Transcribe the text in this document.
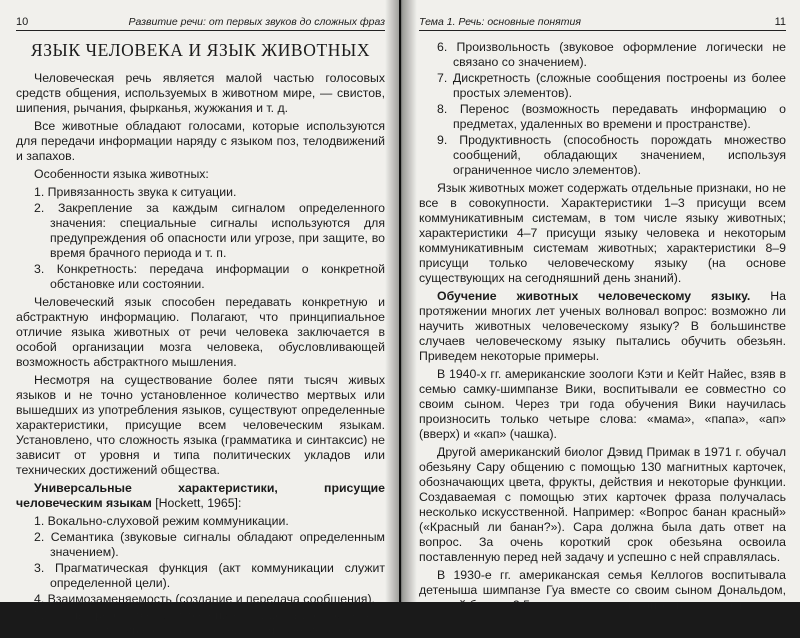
10	Развитие речи: от первых звуков до сложных фраз
ЯЗЫК ЧЕЛОВЕКА И ЯЗЫК ЖИВОТНЫХ

Человеческая речь является малой частью голосовых средств общения, используемых в животном мире, — свистов, шипения, рычания, фырканья, жужжания и т. д.

Все животные обладают голосами, которые используются для передачи информации наряду с языком поз, телодвижений и запахов.

Особенности языка животных:

1. Привязанность звука к ситуации.
2. Закрепление за каждым сигналом определенного значения: специальные сигналы используются для предупреждения об опасности или угрозе, при защите, во время брачного периода и т. п.
3. Конкретность: передача информации о конкретной обстановке или состоянии.

Человеческий язык способен передавать конкретную и абстрактную информацию. Полагают, что принципиальное отличие языка животных от речи человека заключается в особой организации мозга человека, обусловливающей возможность абстрактного мышления.

Несмотря на существование более пяти тысяч живых языков и не точно установленное количество мертвых или вышедших из употребления языков, существуют определенные характеристики, присущие всем человеческим языкам. Установлено, что сложность языка (грамматика и синтаксис) не зависит от уровня и типа политических укладов или технических достижений общества.

Универсальные характеристики, присущие человеческим языкам [Hockett, 1965]:

1. Вокально-слуховой режим коммуникации.
2. Семантика (звуковые сигналы обладают определенным значением).
3. Прагматическая функция (акт коммуникации служит определенной цели).
4. Взаимозаменяемость (создание и передача сообщения).
5. Культурное распространение (существуют сигналы, которые заучиваются, а не передаются генетически).
Тема 1. Речь: основные понятия	11
6. Произвольность (звуковое оформление логически не связано со значением).
7. Дискретность (сложные сообщения построены из более простых элементов).
8. Перенос (возможность передавать информацию о предметах, удаленных во времени и пространстве).
9. Продуктивность (способность порождать множество сообщений, обладающих значением, используя ограниченное число элементов).

Язык животных может содержать отдельные признаки, но не все в совокупности. Характеристики 1–3 присущи всем коммуникативным системам, в том числе языку животных; характеристики 4–7 присущи языку человека и некоторым коммуникативным системам животных; характеристики 8–9 присущи только человеческому языку (на основе существующих на сегодняшний день знаний).

Обучение животных человеческому языку. На протяжении многих лет ученых волновал вопрос: возможно ли научить животных человеческому языку? В большинстве случаев человеческому языку пытались обучить обезьян. Приведем некоторые примеры.

В 1940-х гг. американские зоологи Кэти и Кейт Найес, взяв в семью самку-шимпанзе Вики, воспитывали ее совместно со своим сыном. Через три года обучения Вики научилась произносить только четыре слова: «мама», «папа», «ап» (вверх) и «кап» (чашка).

Другой американский биолог Дэвид Примак в 1971 г. обучал обезьяну Сару общению с помощью 130 магнитных карточек, обозначающих цвета, фрукты, действия и некоторые функции. Создаваемая с помощью этих карточек фраза получалась несколько искусственной. Например: «Вопрос банан красный» («Красный ли банан?»). Сара должна была дать ответ на вопрос. За очень короткий срок обезьяна освоила поставленную перед ней задачу и успешно с ней справлялась.

В 1930-е гг. американская семья Келлогов воспитывала детеныша шимпанзе Гуа вместе со своим сыном Дональдом, который был на 2,5 мес. младше шимпанзе, в одинаковых
